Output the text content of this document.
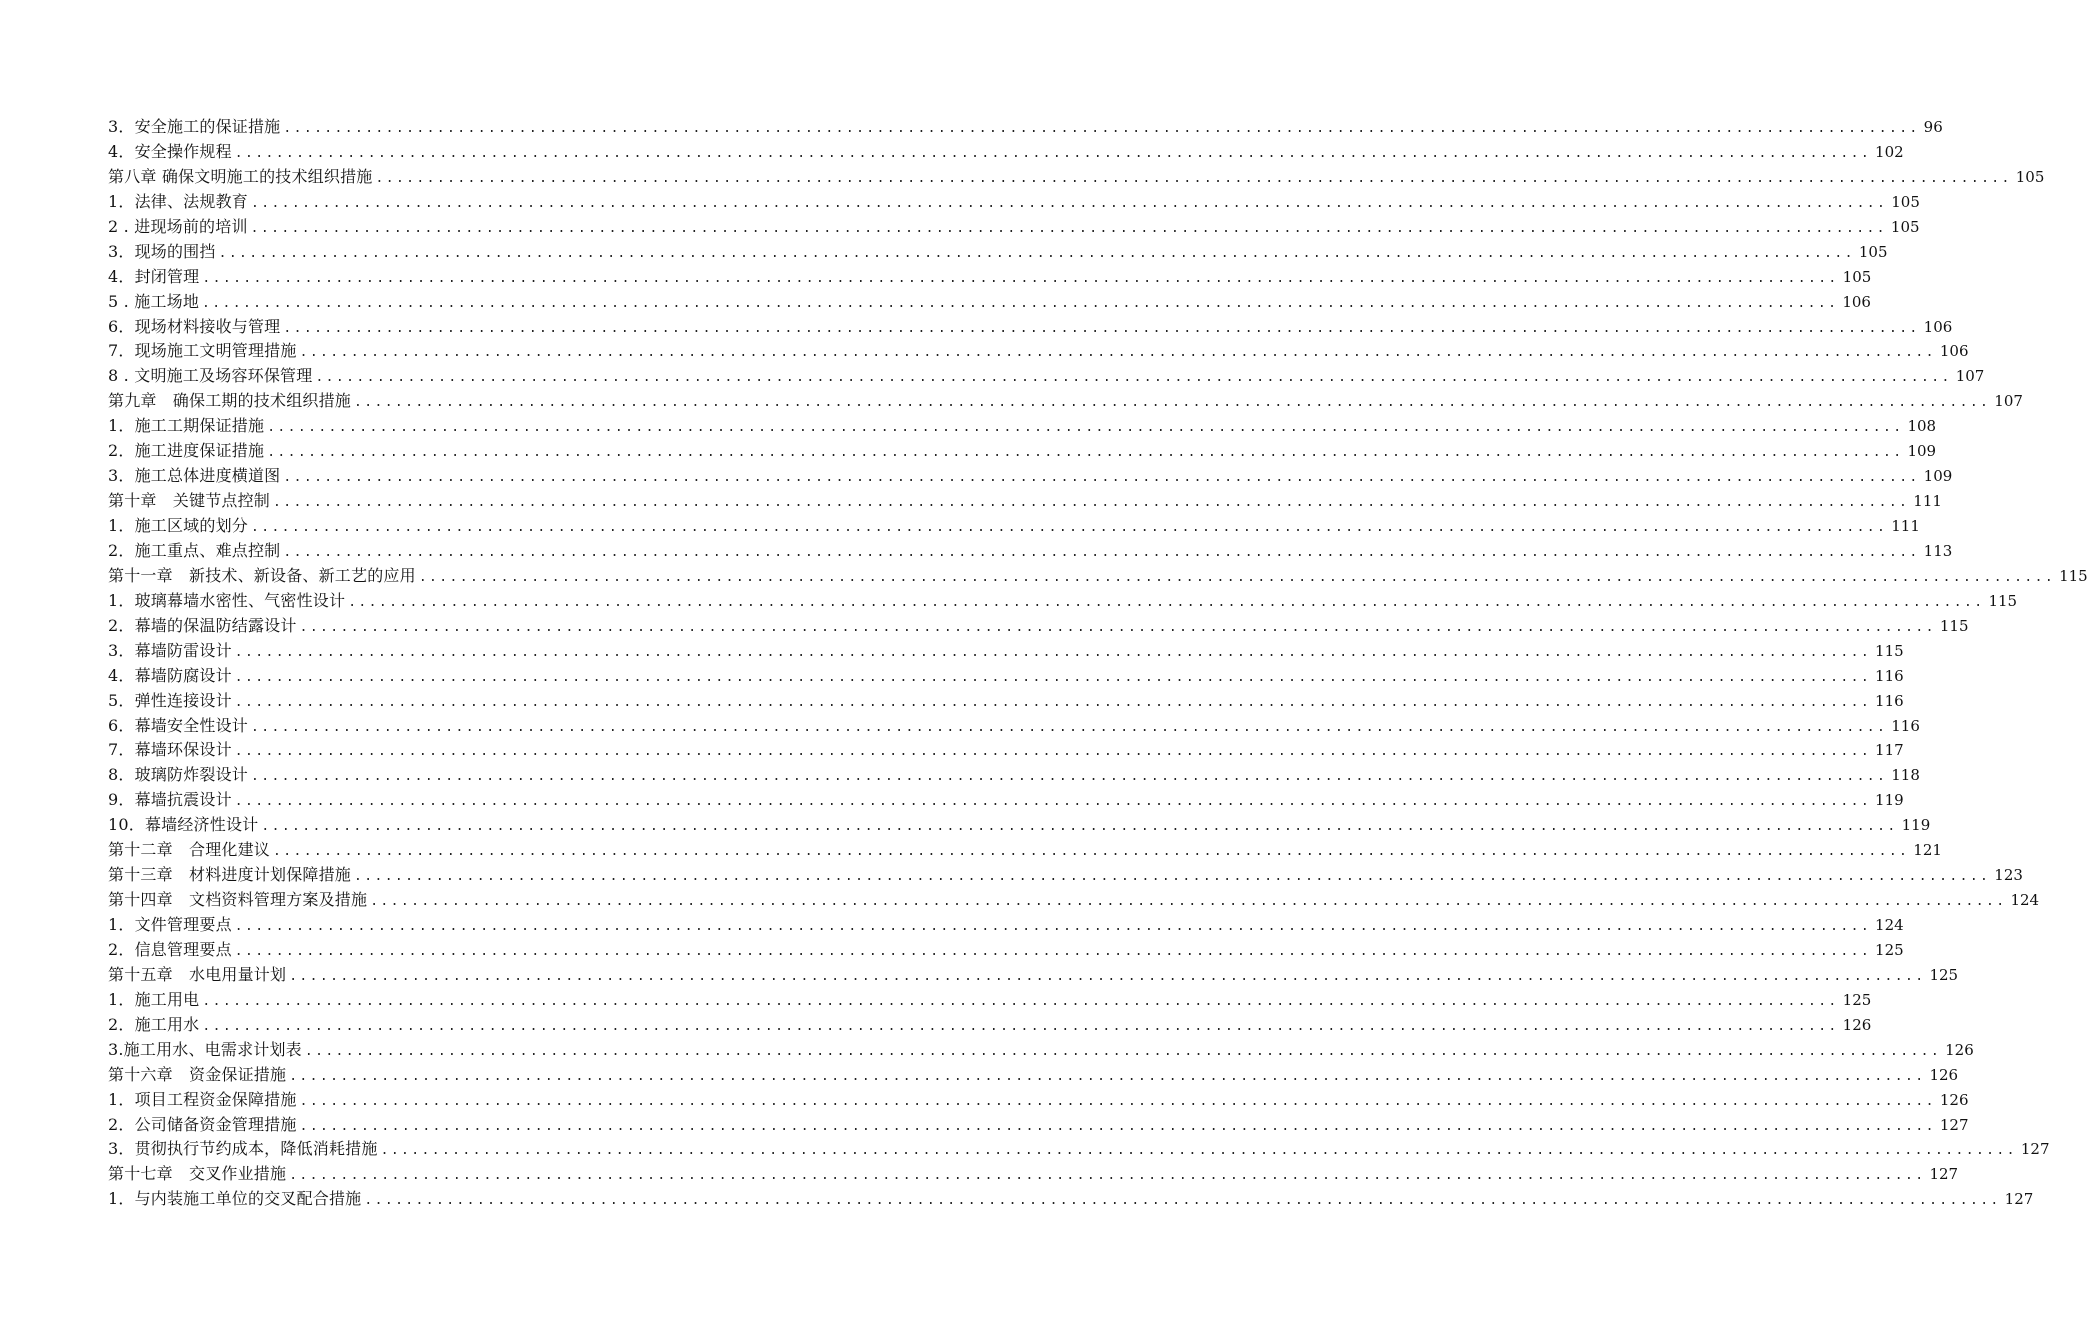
3．安全施工的保证措施 ................................................................................................................................................................ 96
4．安全操作规程 ................................................................................................................................................................ 102
第八章 确保文明施工的技术组织措施 ................................................................................................................................................................ 105
1．法律、法规教育 ................................................................................................................................................................ 105
2 . 进现场前的培训 ................................................................................................................................................................ 105
3．现场的围挡 ................................................................................................................................................................ 105
4．封闭管理 ................................................................................................................................................................ 105
5 . 施工场地 ................................................................................................................................................................ 106
6．现场材料接收与管理 ................................................................................................................................................................ 106
7．现场施工文明管理措施 ................................................................................................................................................................ 106
8 . 文明施工及场容环保管理 ................................................................................................................................................................ 107
第九章　确保工期的技术组织措施 ................................................................................................................................................................ 107
1．施工工期保证措施 ................................................................................................................................................................ 108
2．施工进度保证措施 ................................................................................................................................................................ 109
3．施工总体进度横道图 ................................................................................................................................................................ 109
第十章　关键节点控制 ................................................................................................................................................................ 111
1．施工区域的划分 ................................................................................................................................................................ 111
2．施工重点、难点控制 ................................................................................................................................................................ 113
第十一章　新技术、新设备、新工艺的应用 ................................................................................................................................................................ 115
1．玻璃幕墙水密性、气密性设计 ................................................................................................................................................................ 115
2．幕墙的保温防结露设计 ................................................................................................................................................................ 115
3．幕墙防雷设计 ................................................................................................................................................................ 115
4．幕墙防腐设计 ................................................................................................................................................................ 116
5．弹性连接设计 ................................................................................................................................................................ 116
6．幕墙安全性设计 ................................................................................................................................................................ 116
7．幕墙环保设计 ................................................................................................................................................................ 117
8．玻璃防炸裂设计 ................................................................................................................................................................ 118
9．幕墙抗震设计 ................................................................................................................................................................ 119
10．幕墙经济性设计 ................................................................................................................................................................ 119
第十二章　合理化建议 ................................................................................................................................................................ 121
第十三章　材料进度计划保障措施 ................................................................................................................................................................ 123
第十四章　文档资料管理方案及措施 ................................................................................................................................................................ 124
1．文件管理要点 ................................................................................................................................................................ 124
2．信息管理要点 ................................................................................................................................................................ 125
第十五章　水电用量计划 ................................................................................................................................................................ 125
1．施工用电 ................................................................................................................................................................ 125
2．施工用水 ................................................................................................................................................................ 126
3.施工用水、电需求计划表 ................................................................................................................................................................ 126
第十六章　资金保证措施 ................................................................................................................................................................ 126
1．项目工程资金保障措施 ................................................................................................................................................................ 126
2．公司储备资金管理措施 ................................................................................................................................................................ 127
3．贯彻执行节约成本，降低消耗措施 ................................................................................................................................................................ 127
第十七章　交叉作业措施 ................................................................................................................................................................ 127
1．与内装施工单位的交叉配合措施 ................................................................................................................................................................ 127
